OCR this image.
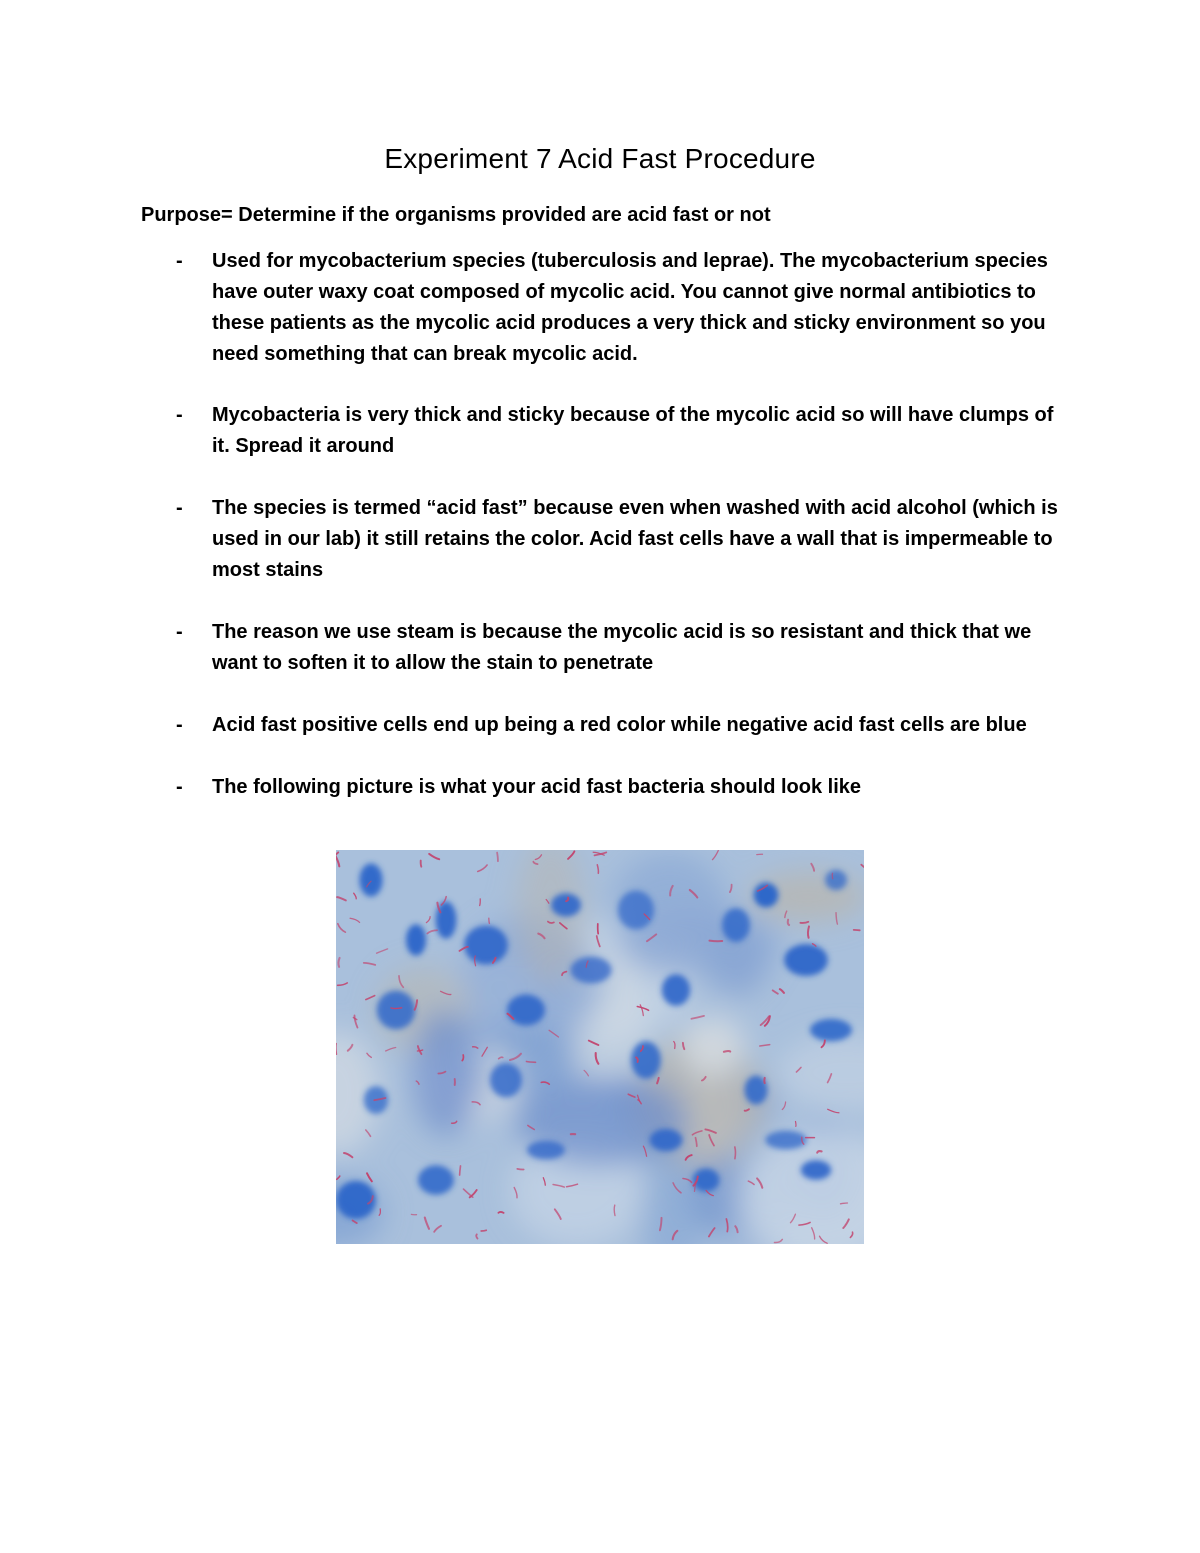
Experiment 7 Acid Fast Procedure
Purpose= Determine if the organisms provided are acid fast or not
- Used for mycobacterium species (tuberculosis and leprae). The mycobacterium species have outer waxy coat composed of mycolic acid. You cannot give normal antibiotics to these patients as the mycolic acid produces a very thick and sticky environment so you need something that can break mycolic acid.
- Mycobacteria is very thick and sticky because of the mycolic acid so will have clumps of it. Spread it around
- The species is termed “acid fast” because even when washed with acid alcohol (which is used in our lab) it still retains the color. Acid fast cells have a wall that is impermeable to most stains
- The reason we use steam is because the mycolic acid is so resistant and thick that we want to soften it to allow the stain to penetrate
- Acid fast positive cells end up being a red color while negative acid fast cells are blue
- The following picture is what your acid fast bacteria should look like
